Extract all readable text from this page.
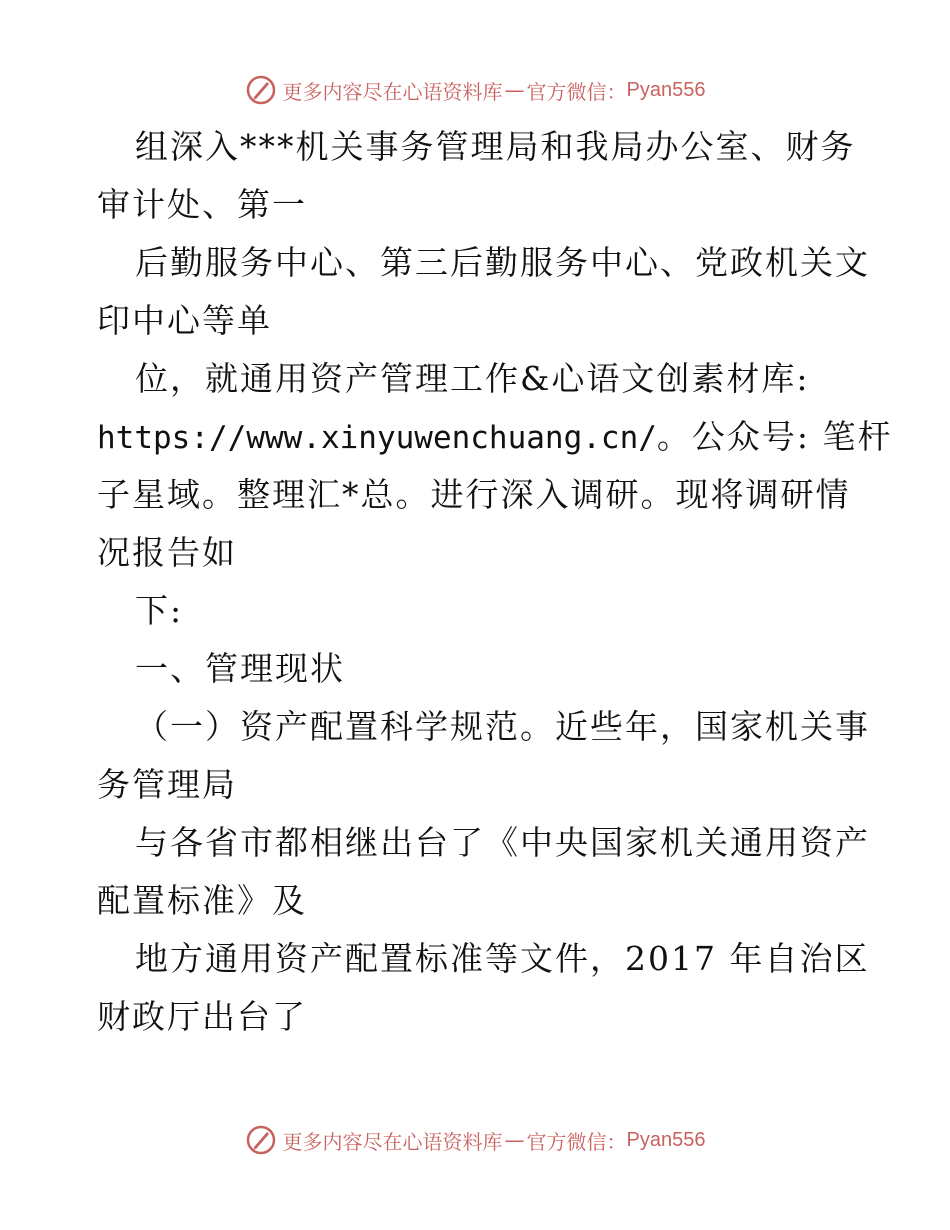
更多内容尽在心语资料库 — 官方微信： Pyan556
组深入***机关事务管理局和我局办公室、财务
审计处、第一
后勤服务中心、第三后勤服务中心、党政机关文
印中心等单
位，就通用资产管理工作&心语文创素材库:
https://www.xinyuwenchuang.cn/。公众号: 笔杆
子星域。整理汇*总。进行深入调研。现将调研情
况报告如
下:
一、管理现状
（一）资产配置科学规范。近些年，国家机关事
务管理局
与各省市都相继出台了《中央国家机关通用资产
配置标准》及
地方通用资产配置标准等文件，2017 年自治区
财政厅出台了
更多内容尽在心语资料库 — 官方微信： Pyan556
